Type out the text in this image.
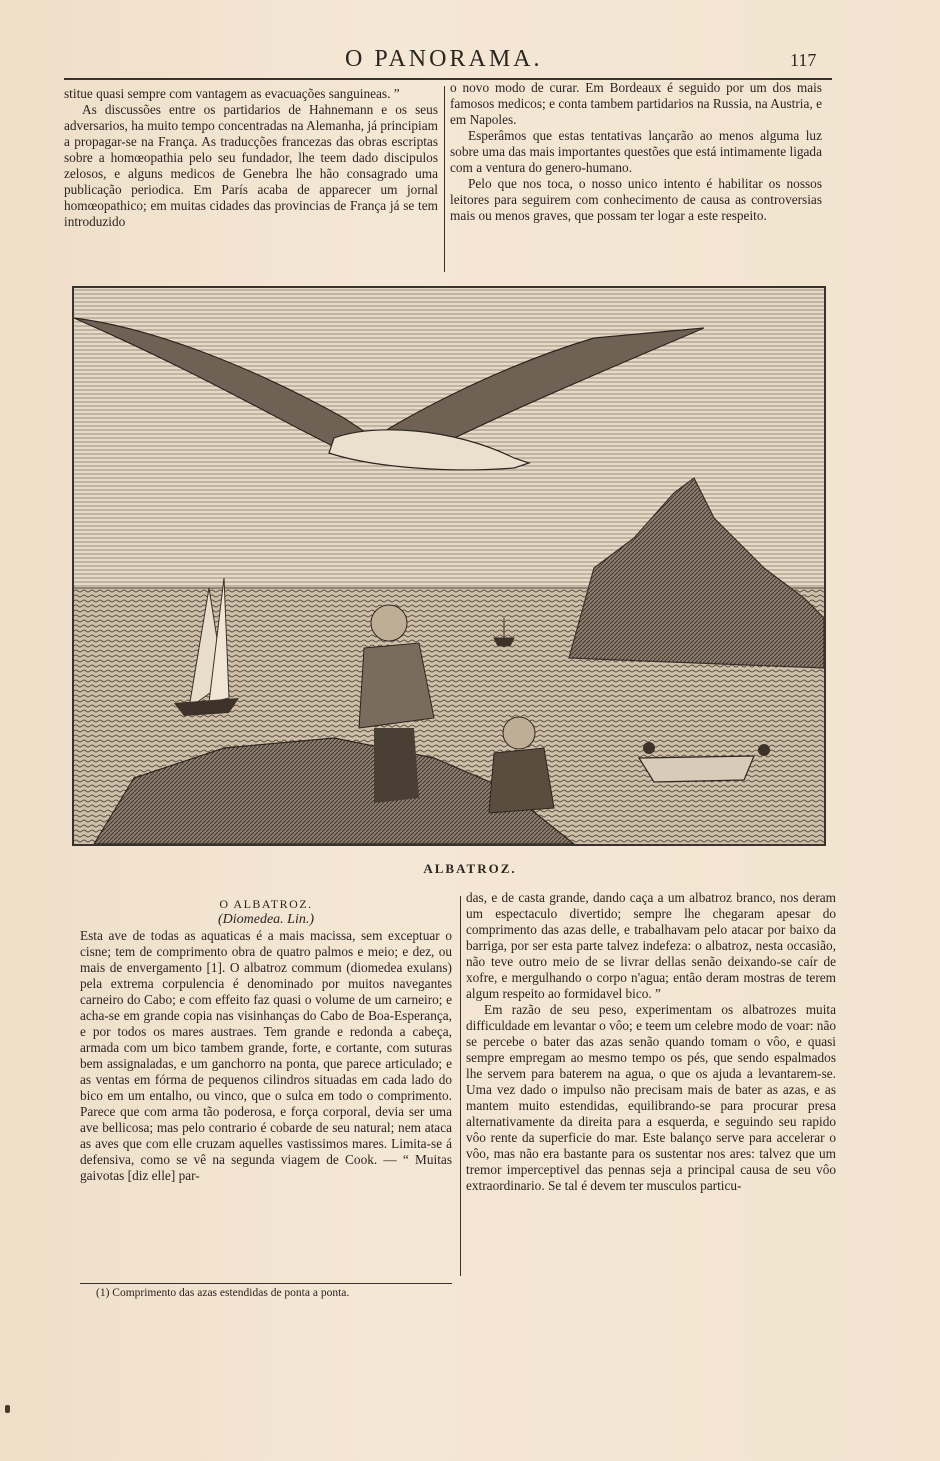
O PANORAMA.	117

stitue quasi sempre com vantagem as evacuações sanguineas. ”

As discussões entre os partidarios de Hahnemann e os seus adversarios, ha muito tempo concentradas na Alemanha, já principiam a propagar-se na França. As traducções francezas das obras escriptas sobre a homœopathia pelo seu fundador, lhe teem dado discipulos zelosos, e alguns medicos de Genebra lhe hão consagrado uma publicação periodica. Em París acaba de apparecer um jornal homœopathico; em muitas cidades das provincias de França já se tem introduzido

o novo modo de curar. Em Bordeaux é seguido por um dos mais famosos medicos; e conta tambem partidarios na Russia, na Austria, e em Napoles.

Esperâmos que estas tentativas lançarão ao menos alguma luz sobre uma das mais importantes questões que está intimamente ligada com a ventura do genero-humano.

Pelo que nos toca, o nosso unico intento é habilitar os nossos leitores para seguirem com conhecimento de causa as controversias mais ou menos graves, que possam ter logar a este respeito.

ALBATROZ.

O ALBATROZ.

(Diomedea. Lin.)

Esta ave de todas as aquaticas é a mais macissa, sem exceptuar o cisne; tem de comprimento obra de quatro palmos e meio; e dez, ou mais de envergamento [1]. O albatroz commum (diomedea exulans) pela extrema corpulencia é denominado por muitos navegantes carneiro do Cabo; e com effeito faz quasi o volume de um carneiro; e acha-se em grande copia nas visinhanças do Cabo de Boa-Esperança, e por todos os mares austraes. Tem grande e redonda a cabeça, armada com um bico tambem grande, forte, e cortante, com suturas bem assignaladas, e um ganchorro na ponta, que parece articulado; e as ventas em fórma de pequenos cilindros situadas em cada lado do bico em um entalho, ou vinco, que o sulca em todo o comprimento. Parece que com arma tão poderosa, e força corporal, devia ser uma ave bellicosa; mas pelo contrario é cobarde de seu natural; nem ataca as aves que com elle cruzam aquelles vastissimos mares. Limita-se á defensiva, como se vê na segunda viagem de Cook. — “ Muitas gaivotas [diz elle] par-

das, e de casta grande, dando caça a um albatroz branco, nos deram um espectaculo divertido; sempre lhe chegaram apesar do comprimento das azas delle, e trabalhavam pelo atacar por baixo da barriga, por ser esta parte talvez indefeza: o albatroz, nesta occasião, não teve outro meio de se livrar dellas senão deixando-se caír de xofre, e mergulhando o corpo n'agua; então deram mostras de terem algum respeito ao formidavel bico. ”

Em razão de seu peso, experimentam os albatrozes muita difficuldade em levantar o vôo; e teem um celebre modo de voar: não se percebe o bater das azas senão quando tomam o vôo, e quasi sempre empregam ao mesmo tempo os pés, que sendo espalmados lhe servem para baterem na agua, o que os ajuda a levantarem-se. Uma vez dado o impulso não precisam mais de bater as azas, e as mantem muito estendidas, equilibrando-se para procurar presa alternativamente da direita para a esquerda, e seguindo seu rapido vôo rente da superficie do mar. Este balanço serve para accelerar o vôo, mas não era bastante para os sustentar nos ares: talvez que um tremor imperceptivel das pennas seja a principal causa de seu vôo extraordinario. Se tal é devem ter musculos particu-

(1) Comprimento das azas estendidas de ponta a ponta.
